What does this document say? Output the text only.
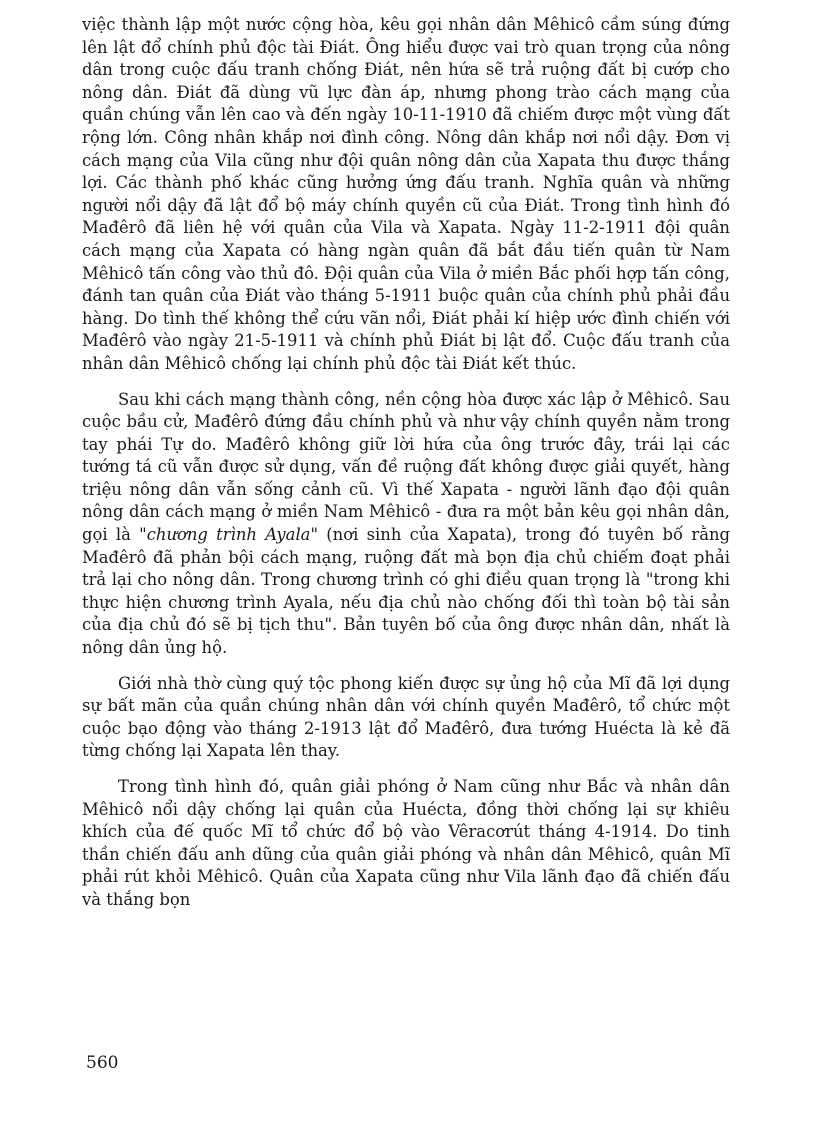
việc thành lập một nước cộng hòa, kêu gọi nhân dân Mêhicô cầm súng đứng lên lật đổ chính phủ độc tài Điát. Ông hiểu được vai trò quan trọng của nông dân trong cuộc đấu tranh chống Điát, nên hứa sẽ trả ruộng đất bị cướp cho nông dân. Điát đã dùng vũ lực đàn áp, nhưng phong trào cách mạng của quần chúng vẫn lên cao và đến ngày 10-11-1910 đã chiếm được một vùng đất rộng lớn. Công nhân khắp nơi đình công. Nông dân khắp nơi nổi dậy. Đơn vị cách mạng của Vila cũng như đội quân nông dân của Xapata thu được thắng lợi. Các thành phố khác cũng hưởng ứng đấu tranh. Nghĩa quân và những người nổi dậy đã lật đổ bộ máy chính quyền cũ của Điát. Trong tình hình đó Mađêrô đã liên hệ với quân của Vila và Xapata. Ngày 11-2-1911 đội quân cách mạng của Xapata có hàng ngàn quân đã bắt đầu tiến quân từ Nam Mêhicô tấn công vào thủ đô. Đội quân của Vila ở miền Bắc phối hợp tấn công, đánh tan quân của Điát vào tháng 5-1911 buộc quân của chính phủ phải đầu hàng. Do tình thế không thể cứu vãn nổi, Điát phải kí hiệp ước đình chiến với Mađêrô vào ngày 21-5-1911 và chính phủ Điát bị lật đổ. Cuộc đấu tranh của nhân dân Mêhicô chống lại chính phủ độc tài Điát kết thúc.

Sau khi cách mạng thành công, nền cộng hòa được xác lập ở Mêhicô. Sau cuộc bầu cử, Mađêrô đứng đầu chính phủ và như vậy chính quyền nằm trong tay phái Tự do. Mađêrô không giữ lời hứa của ông trước đây, trái lại các tướng tá cũ vẫn được sử dụng, vấn đề ruộng đất không được giải quyết, hàng triệu nông dân vẫn sống cảnh cũ. Vì thế Xapata - người lãnh đạo đội quân nông dân cách mạng ở miền Nam Mêhicô - đưa ra một bản kêu gọi nhân dân, gọi là "chương trình Ayala" (nơi sinh của Xapata), trong đó tuyên bố rằng Mađêrô đã phản bội cách mạng, ruộng đất mà bọn địa chủ chiếm đoạt phải trả lại cho nông dân. Trong chương trình có ghi điều quan trọng là "trong khi thực hiện chương trình Ayala, nếu địa chủ nào chống đối thì toàn bộ tài sản của địa chủ đó sẽ bị tịch thu". Bản tuyên bố của ông được nhân dân, nhất là nông dân ủng hộ.

Giới nhà thờ cùng quý tộc phong kiến được sự ủng hộ của Mĩ đã lợi dụng sự bất mãn của quần chúng nhân dân với chính quyền Mađêrô, tổ chức một cuộc bạo động vào tháng 2-1913 lật đổ Mađêrô, đưa tướng Huécta là kẻ đã từng chống lại Xapata lên thay.

Trong tình hình đó, quân giải phóng ở Nam cũng như Bắc và nhân dân Mêhicô nổi dậy chống lại quân của Huécta, đồng thời chống lại sự khiêu khích của đế quốc Mĩ tổ chức đổ bộ vào Vêracơrút tháng 4-1914. Do tinh thần chiến đấu anh dũng của quân giải phóng và nhân dân Mêhicô, quân Mĩ phải rút khỏi Mêhicô. Quân của Xapata cũng như Vila lãnh đạo đã chiến đấu và thắng bọn

560
